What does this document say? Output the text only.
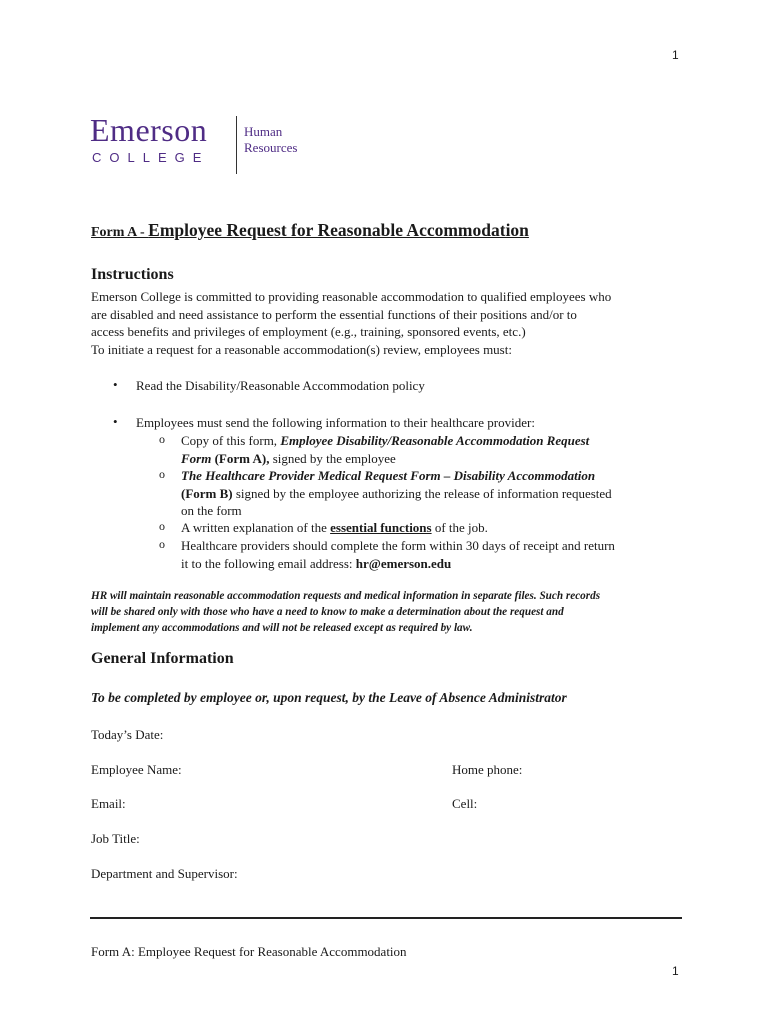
1
Emerson
COLLEGE
Human
Resources
Form A - Employee Request for Reasonable Accommodation
Instructions
Emerson College is committed to providing reasonable accommodation to qualified employees who
are disabled and need assistance to perform the essential functions of their positions and/or to
access benefits and privileges of employment (e.g., training, sponsored events, etc.)
To initiate a request for a reasonable accommodation(s) review, employees must:
• Read the Disability/Reasonable Accommodation policy
• Employees must send the following information to their healthcare provider:
o Copy of this form, Employee Disability/Reasonable Accommodation Request
Form (Form A), signed by the employee
o The Healthcare Provider Medical Request Form – Disability Accommodation
(Form B) signed by the employee authorizing the release of information requested
on the form
o A written explanation of the essential functions of the job.
o Healthcare providers should complete the form within 30 days of receipt and return
it to the following email address: hr@emerson.edu
HR will maintain reasonable accommodation requests and medical information in separate files. Such records
will be shared only with those who have a need to know to make a determination about the request and
implement any accommodations and will not be released except as required by law.
General Information
To be completed by employee or, upon request, by the Leave of Absence Administrator
Today’s Date:
Employee Name:	Home phone:
Email:	Cell:
Job Title:
Department and Supervisor:
Form A: Employee Request for Reasonable Accommodation
1
